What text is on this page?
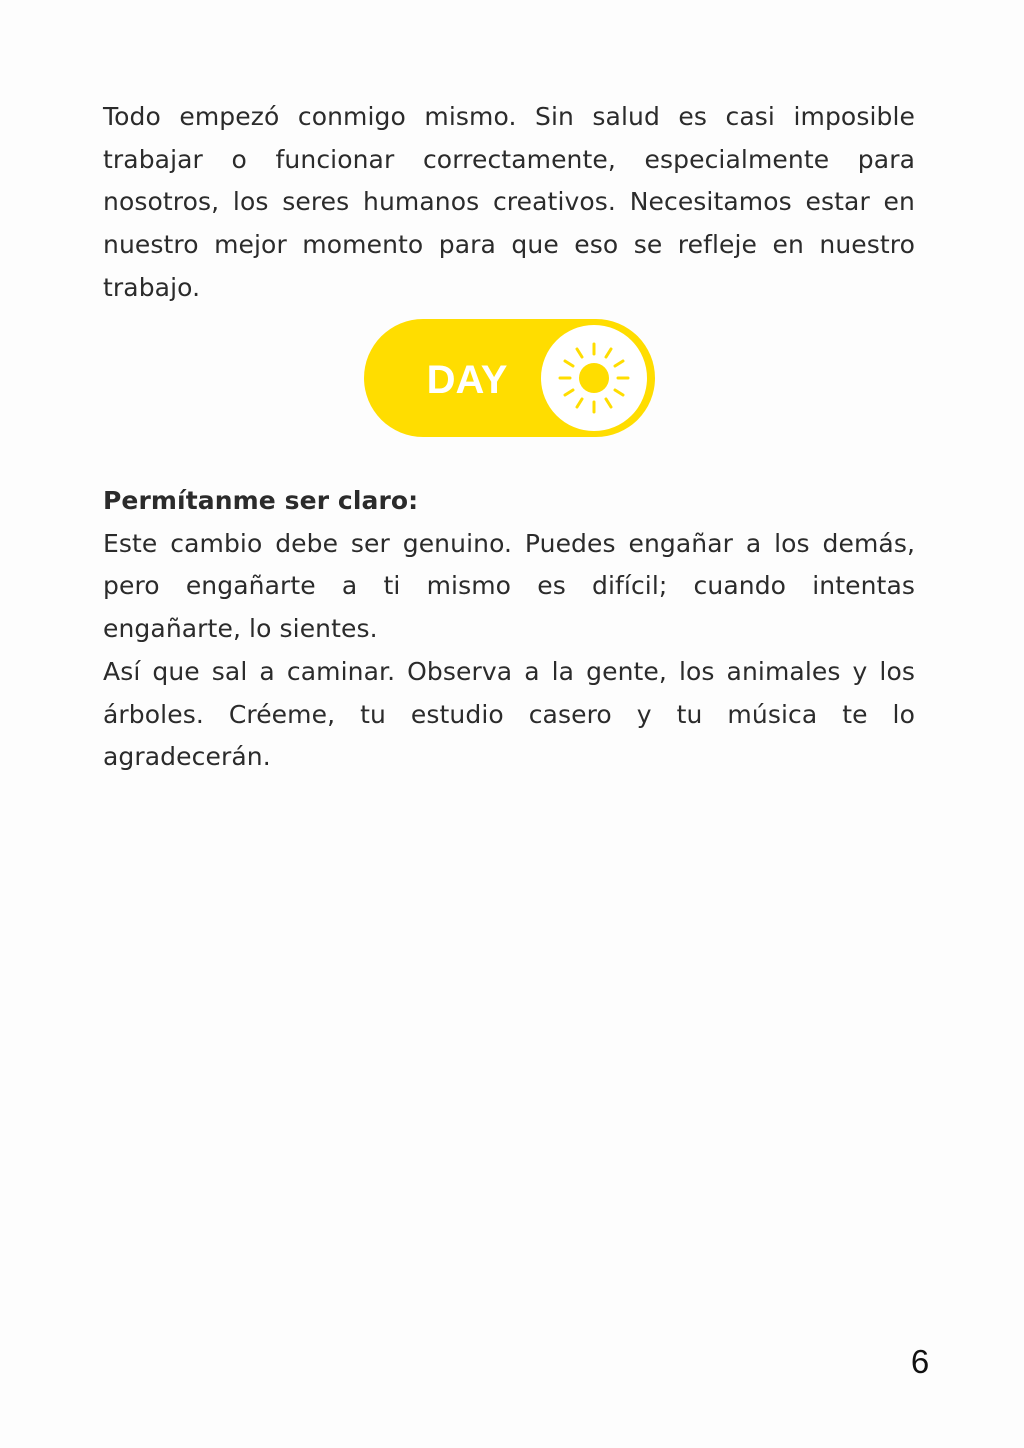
Todo empezó conmigo mismo. Sin salud es casi imposible trabajar o funcionar correctamente, especialmente para nosotros, los seres humanos creativos. Necesitamos estar en nuestro mejor momento para que eso se refleje en nuestro trabajo.

DAY
Permítanme ser claro:
Este cambio debe ser genuino. Puedes engañar a los demás, pero engañarte a ti mismo es difícil; cuando intentas engañarte, lo sientes.
Así que sal a caminar. Observa a la gente, los animales y los árboles. Créeme, tu estudio casero y tu música te lo agradecerán.
6
